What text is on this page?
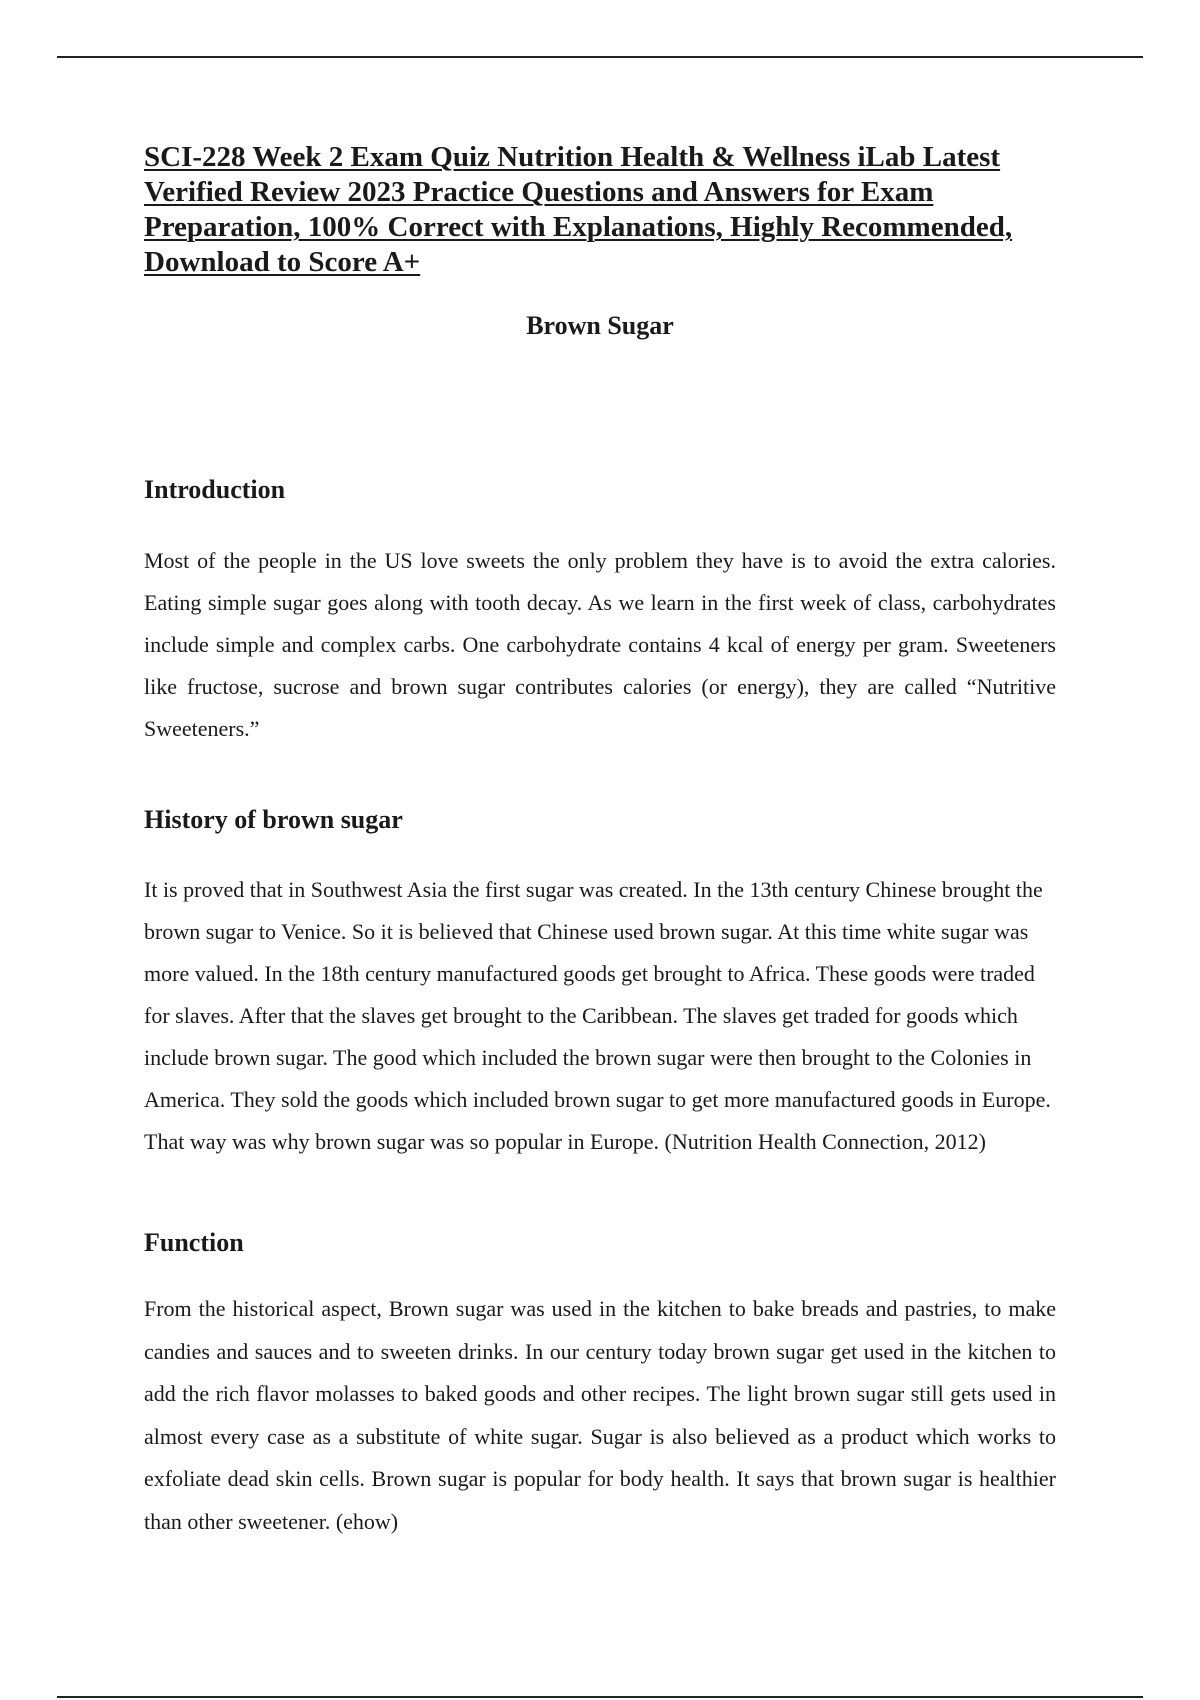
SCI-228 Week 2 Exam Quiz Nutrition Health & Wellness iLab Latest Verified Review 2023 Practice Questions and Answers for Exam Preparation, 100% Correct with Explanations, Highly Recommended, Download to Score A+
Brown Sugar
Introduction

Most of the people in the US love sweets the only problem they have is to avoid the extra calories. Eating simple sugar goes along with tooth decay. As we learn in the first week of class, carbohydrates include simple and complex carbs. One carbohydrate contains 4 kcal of energy per gram. Sweeteners like fructose, sucrose and brown sugar contributes calories (or energy), they are called “Nutritive Sweeteners.”

History of brown sugar

It is proved that in Southwest Asia the first sugar was created. In the 13th century Chinese brought the brown sugar to Venice. So it is believed that Chinese used brown sugar. At this time white sugar was more valued. In the 18th century manufactured goods get brought to Africa. These goods were traded for slaves. After that the slaves get brought to the Caribbean. The slaves get traded for goods which include brown sugar. The good which included the brown sugar were then brought to the Colonies in America. They sold the goods which included brown sugar to get more manufactured goods in Europe. That way was why brown sugar was so popular in Europe. (Nutrition Health Connection, 2012)

Function

From the historical aspect, Brown sugar was used in the kitchen to bake breads and pastries, to make candies and sauces and to sweeten drinks. In our century today brown sugar get used in the kitchen to add the rich flavor molasses to baked goods and other recipes. The light brown sugar still gets used in almost every case as a substitute of white sugar. Sugar is also believed as a product which works to exfoliate dead skin cells. Brown sugar is popular for body health. It says that brown sugar is healthier than other sweetener. (ehow)
